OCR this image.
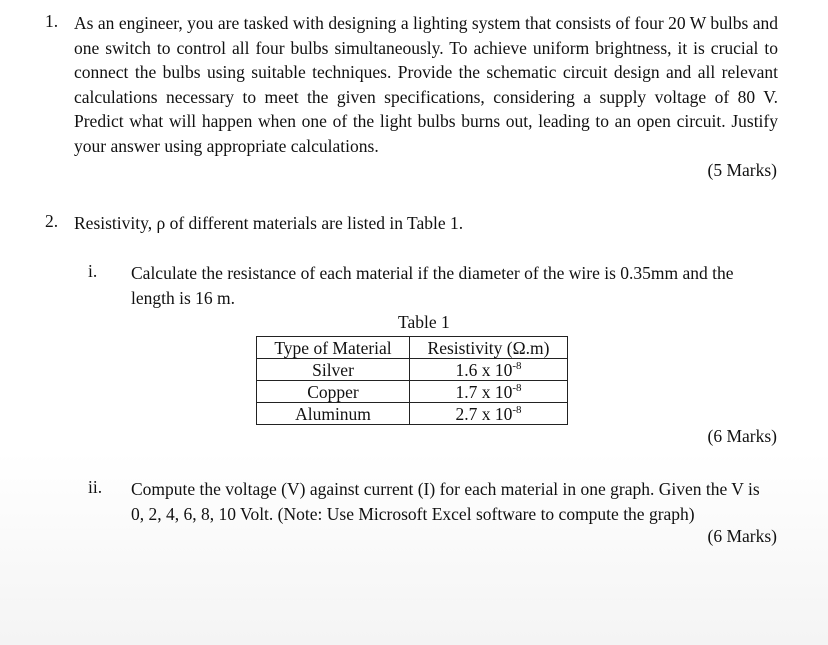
1. As an engineer, you are tasked with designing a lighting system that consists of four 20 W bulbs and one switch to control all four bulbs simultaneously. To achieve uniform brightness, it is crucial to connect the bulbs using suitable techniques. Provide the schematic circuit design and all relevant calculations necessary to meet the given specifications, considering a supply voltage of 80 V. Predict what will happen when one of the light bulbs burns out, leading to an open circuit. Justify your answer using appropriate calculations.
(5 Marks)
2. Resistivity, ρ of different materials are listed in Table 1.
i. Calculate the resistance of each material if the diameter of the wire is 0.35mm and the length is 16 m.
Table 1
Type of Material	Resistivity (Ω.m)
Silver	1.6 x $10^{-8}$
Copper	1.7 x $10^{-8}$
Aluminum	2.7 x $10^{-8}$
(6 Marks)
ii. Compute the voltage (V) against current (I) for each material in one graph. Given the V is 0, 2, 4, 6, 8, 10 Volt. (Note: Use Microsoft Excel software to compute the graph)
(6 Marks)
